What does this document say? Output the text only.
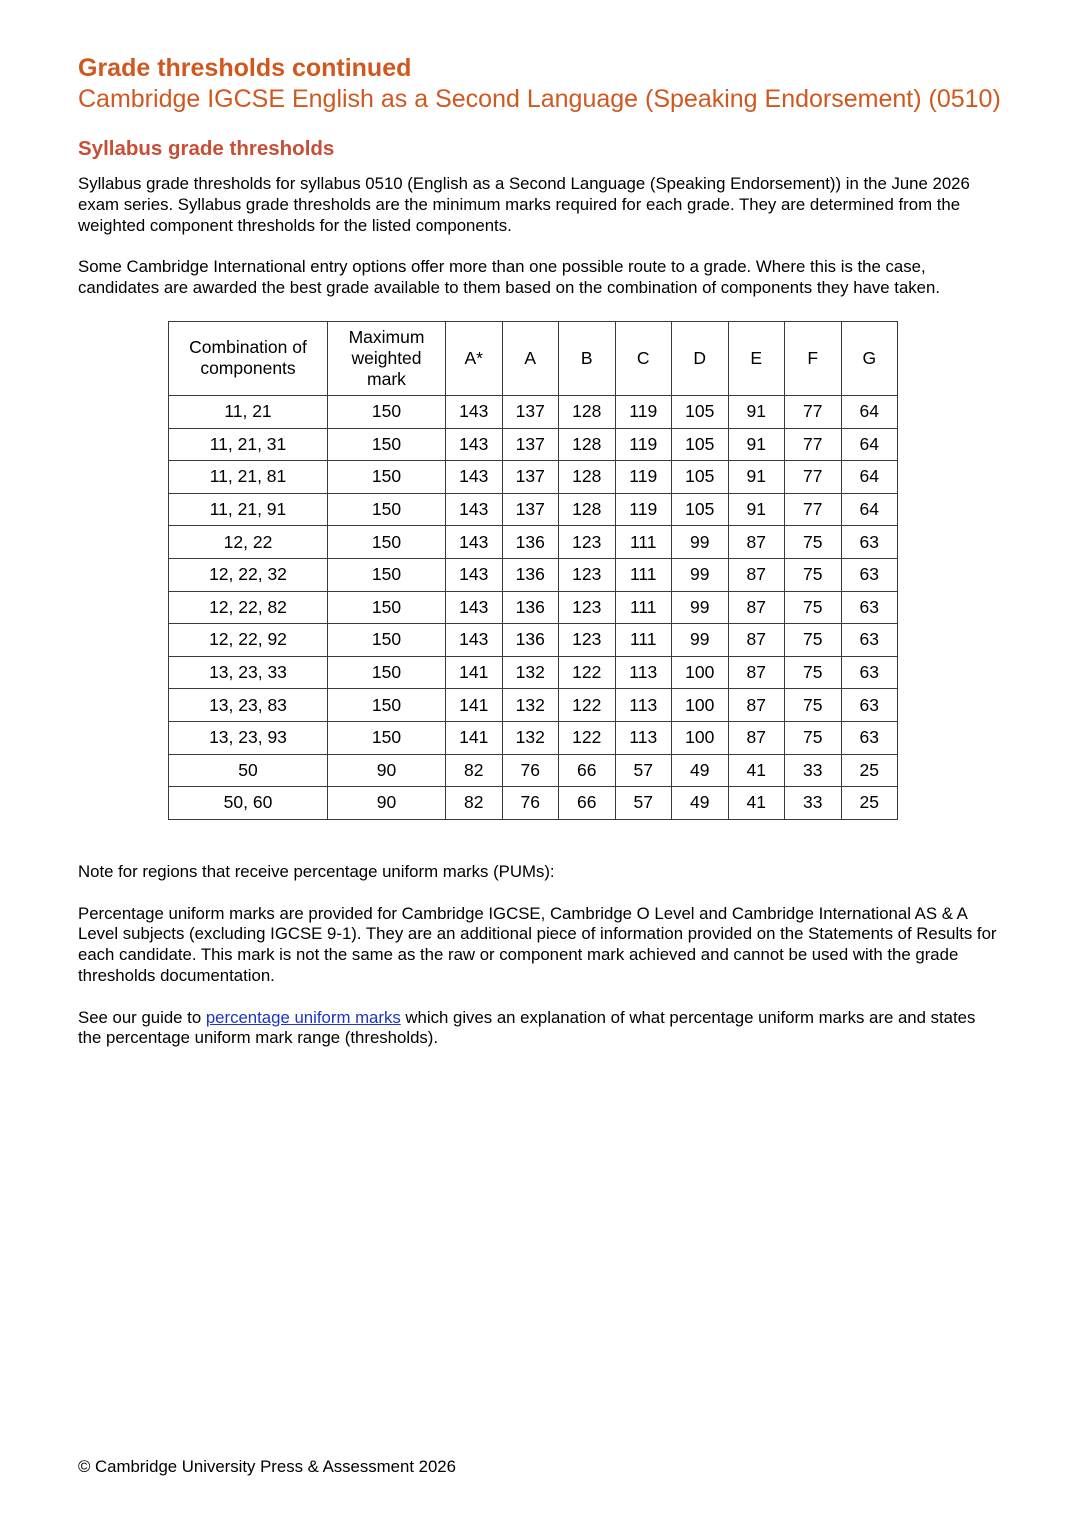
Grade thresholds continued
Cambridge IGCSE English as a Second Language (Speaking Endorsement) (0510)
Syllabus grade thresholds

Syllabus grade thresholds for syllabus 0510 (English as a Second Language (Speaking Endorsement)) in the June 2026 exam series. Syllabus grade thresholds are the minimum marks required for each grade. They are determined from the weighted component thresholds for the listed components.

Some Cambridge International entry options offer more than one possible route to a grade. Where this is the case, candidates are awarded the best grade available to them based on the combination of components they have taken.

Combination of components	Maximum weighted mark	A*	A	B	C	D	E	F	G
11, 21	150	143	137	128	119	105	91	77	64
11, 21, 31	150	143	137	128	119	105	91	77	64
11, 21, 81	150	143	137	128	119	105	91	77	64
11, 21, 91	150	143	137	128	119	105	91	77	64
12, 22	150	143	136	123	111	99	87	75	63
12, 22, 32	150	143	136	123	111	99	87	75	63
12, 22, 82	150	143	136	123	111	99	87	75	63
12, 22, 92	150	143	136	123	111	99	87	75	63
13, 23, 33	150	141	132	122	113	100	87	75	63
13, 23, 83	150	141	132	122	113	100	87	75	63
13, 23, 93	150	141	132	122	113	100	87	75	63
50	90	82	76	66	57	49	41	33	25
50, 60	90	82	76	66	57	49	41	33	25

Note for regions that receive percentage uniform marks (PUMs):

Percentage uniform marks are provided for Cambridge IGCSE, Cambridge O Level and Cambridge International AS & A Level subjects (excluding IGCSE 9-1). They are an additional piece of information provided on the Statements of Results for each candidate. This mark is not the same as the raw or component mark achieved and cannot be used with the grade thresholds documentation.

See our guide to percentage uniform marks which gives an explanation of what percentage uniform marks are and states the percentage uniform mark range (thresholds).

© Cambridge University Press & Assessment 2026
